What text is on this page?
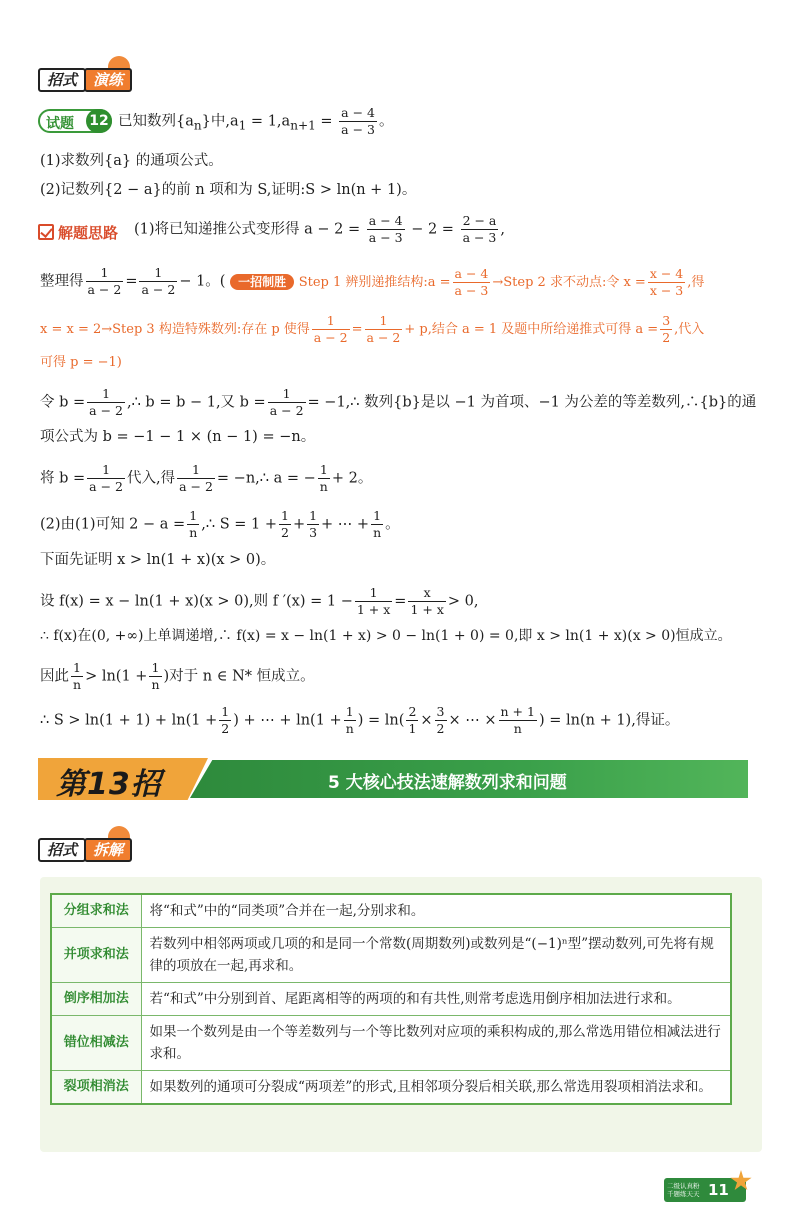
招式	演练
试题 12 已知数列$\{a_n\}$中$,a_1 = 1,a_{n+1} = \frac{a - 4}{a - 3}$ 。
(1)求数列{a} 的通项公式。
(2)记数列{2 − a}的前 n 项和为 S,证明:S > ln(n + 1)。
解题思路 (1)将已知递推公式变形得 $a - 2 = \frac{a - 4}{a - 3} - 2 = \frac{2 - a}{a - 3}$ ,
整理得 $\frac{1}{a - 2} = \frac{1}{a - 2} - 1$。( 一招制胜 Step 1 辨别递推结构:a = $\frac{a - 4}{a - 3}$ →Step 2 求不动点:令 $x = \frac{x - 4}{x - 3}$ ,得
x = x = 2→Step 3 构造特殊数列:存在 p 使得 $\frac{1}{a - 2} = \frac{1}{a - 2} + p$,结合 a = 1 及题中所给递推式可得 $a = \frac{3}{2}$ ,代入
可得 p = −1)
令 $b = \frac{1}{a - 2}$ ,∴ b = b − 1,又 $b = \frac{1}{a - 2}$ = −1,∴ 数列{b}是以 −1 为首项、−1 为公差的等差数列,∴{b}的通
项公式为 b = −1 − 1 × (n − 1) = −n。
将 $b = \frac{1}{a - 2}$ 代入,得 $\frac{1}{a - 2}$ = −n,∴ a = − $\frac{1}{n} + 2$。
(2)由(1)可知 $2 - a = \frac{1}{n}$ ,∴ $S = 1 + \frac{1}{2} + \frac{1}{3}$ + ⋯ + $\frac{1}{n}$ 。
下面先证明 x > ln(1 + x)(x > 0)。
设 f(x) = x − ln(1 + x)(x > 0),则 f $'(x) = 1 - \frac{1}{1 + x} = \frac{x}{1 + x} > 0$,
∴ f(x)在(0, +∞)上单调递增,∴ f(x) = x − ln(1 + x) > 0 − ln(1 + 0) = 0,即 x > ln(1 + x)(x > 0)恒成立。
因此 $\frac{1}{n} > \ln(1 + \frac{1}{n}$ )对于 n ∈ N* 恒成立。
∴ $S > \ln(1 + 1) + \ln(1 + \frac{1}{2}$ ) + ⋯ + $\ln(1 + \frac{1}{n}$ ) = $\ln( \frac{2}{1} \times \frac{3}{2}$ × ⋯ × $\frac{n + 1}{n}$ ) = ln(n + 1),得证。
第13招	5 大核心技法速解数列求和问题
招式	拆解
分组求和法	将“和式”中的“同类项”合并在一起,分别求和。
并项求和法	若数列中相邻两项或几项的和是同一个常数(周期数列)或数列是“(−1)ⁿ型”摆动数列,可先将有规律的项放在一起,再求和。
倒序相加法	若“和式”中分别到首、尾距离相等的两项的和有共性,则常考虑选用倒序相加法进行求和。
错位相减法	如果一个数列是由一个等差数列与一个等比数列对应项的乘积构成的,那么常选用错位相减法进行求和。
裂项相消法	如果数列的通项可分裂成“两项差”的形式,且相邻项分裂后相关联,那么常选用裂项相消法求和。
二级认真粉
千题练天天 11
